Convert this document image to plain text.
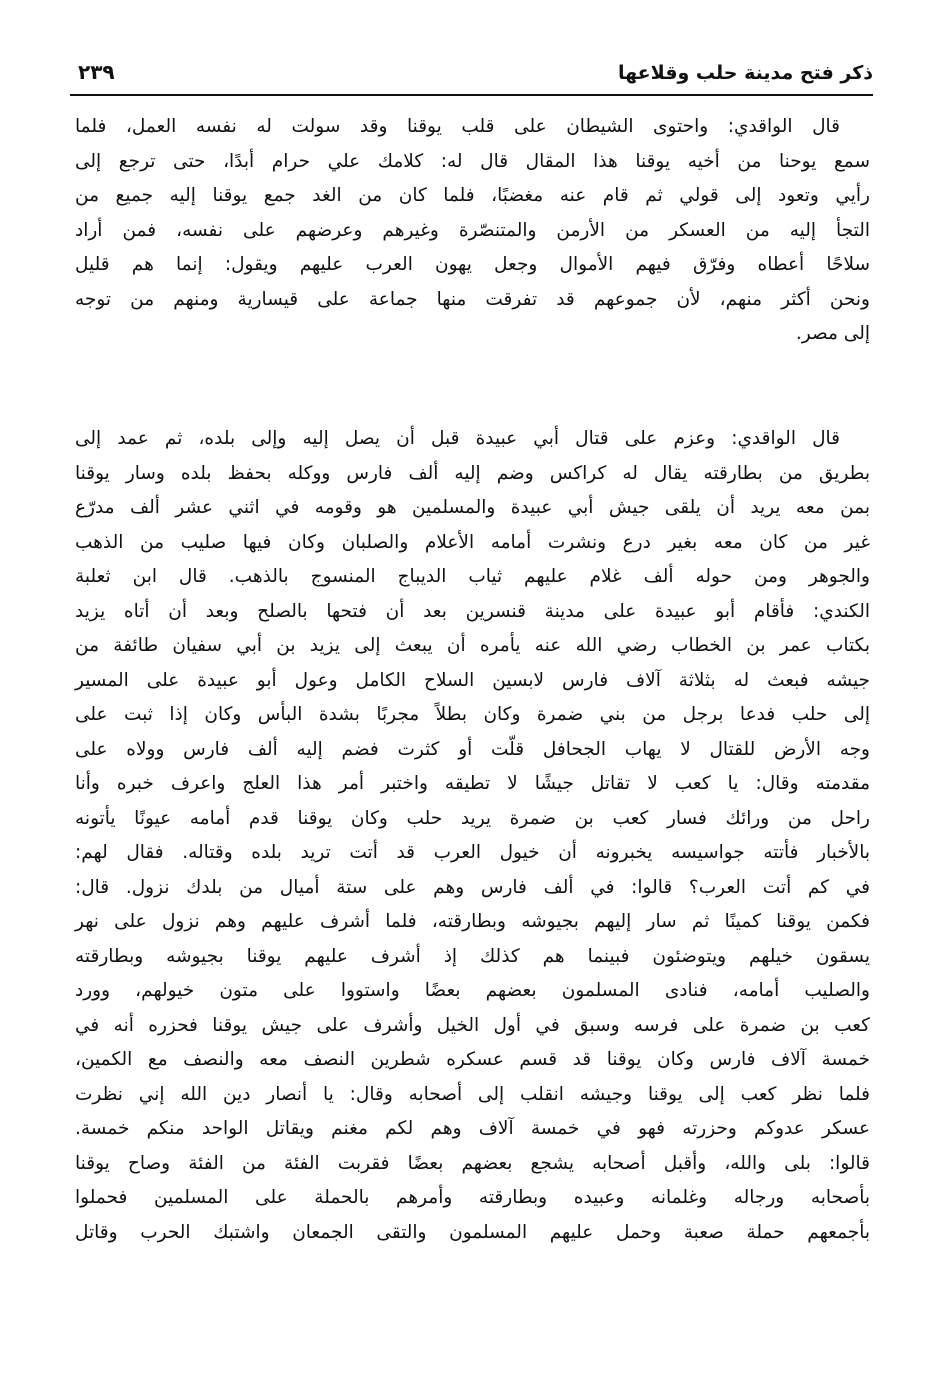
ذكر فتح مدينة حلب وقلاعها
٢٣٩
قال الواقدي: واحتوى الشيطان على قلب يوقنا وقد سولت له نفسه العمل، فلما
سمع يوحنا من أخيه يوقنا هذا المقال قال له: كلامك علي حرام أبدًا، حتى ترجع إلى
رأيي وتعود إلى قولي ثم قام عنه مغضبًا، فلما كان من الغد جمع يوقنا إليه جميع من
التجأ إليه من العسكر من الأرمن والمتنصّرة وغيرهم وعرضهم على نفسه، فمن أراد
سلاحًا أعطاه وفرّق فيهم الأموال وجعل يهون العرب عليهم ويقول: إنما هم قليل
ونحن أكثر منهم، لأن جموعهم قد تفرقت منها جماعة على قيسارية ومنهم من توجه
إلى مصر.
قال الواقدي: وعزم على قتال أبي عبيدة قبل أن يصل إليه وإلى بلده، ثم عمد إلى
بطريق من بطارقته يقال له كراكس وضم إليه ألف فارس ووكله بحفظ بلده وسار يوقنا
بمن معه يريد أن يلقى جيش أبي عبيدة والمسلمين هو وقومه في اثني عشر ألف مدرّع
غير من كان معه بغير درع ونشرت أمامه الأعلام والصلبان وكان فيها صليب من الذهب
والجوهر ومن حوله ألف غلام عليهم ثياب الديباج المنسوج بالذهب. قال ابن ثعلبة
الكندي: فأقام أبو عبيدة على مدينة قنسرين بعد أن فتحها بالصلح وبعد أن أتاه يزيد
بكتاب عمر بن الخطاب رضي الله عنه يأمره أن يبعث إلى يزيد بن أبي سفيان طائفة من
جيشه فبعث له بثلاثة آلاف فارس لابسين السلاح الكامل وعول أبو عبيدة على المسير
إلى حلب فدعا برجل من بني ضمرة وكان بطلاً مجربًا بشدة البأس وكان إذا ثبت على
وجه الأرض للقتال لا يهاب الجحافل قلّت أو كثرت فضم إليه ألف فارس وولاه على
مقدمته وقال: يا كعب لا تقاتل جيشًا لا تطيقه واختبر أمر هذا العلج واعرف خبره وأنا
راحل من ورائك فسار كعب بن ضمرة يريد حلب وكان يوقنا قدم أمامه عيونًا يأتونه
بالأخبار فأتته جواسيسه يخبرونه أن خيول العرب قد أتت تريد بلده وقتاله. فقال لهم:
في كم أتت العرب؟ قالوا: في ألف فارس وهم على ستة أميال من بلدك نزول. قال:
فكمن يوقنا كمينًا ثم سار إليهم بجيوشه وبطارقته، فلما أشرف عليهم وهم نزول على نهر
يسقون خيلهم ويتوضئون فبينما هم كذلك إذ أشرف عليهم يوقنا بجيوشه وبطارقته
والصليب أمامه، فنادى المسلمون بعضهم بعضًا واستووا على متون خيولهم، وورد
كعب بن ضمرة على فرسه وسبق في أول الخيل وأشرف على جيش يوقنا فحزره أنه في
خمسة آلاف فارس وكان يوقنا قد قسم عسكره شطرين النصف معه والنصف مع الكمين،
فلما نظر كعب إلى يوقنا وجيشه انقلب إلى أصحابه وقال: يا أنصار دين الله إني نظرت
عسكر عدوكم وحزرته فهو في خمسة آلاف وهم لكم مغنم ويقاتل الواحد منكم خمسة.
قالوا: بلى والله، وأقبل أصحابه يشجع بعضهم بعضًا فقربت الفئة من الفئة وصاح يوقنا
بأصحابه ورجاله وغلمانه وعبيده وبطارقته وأمرهم بالحملة على المسلمين فحملوا
بأجمعهم حملة صعبة وحمل عليهم المسلمون والتقى الجمعان واشتبك الحرب وقاتل
